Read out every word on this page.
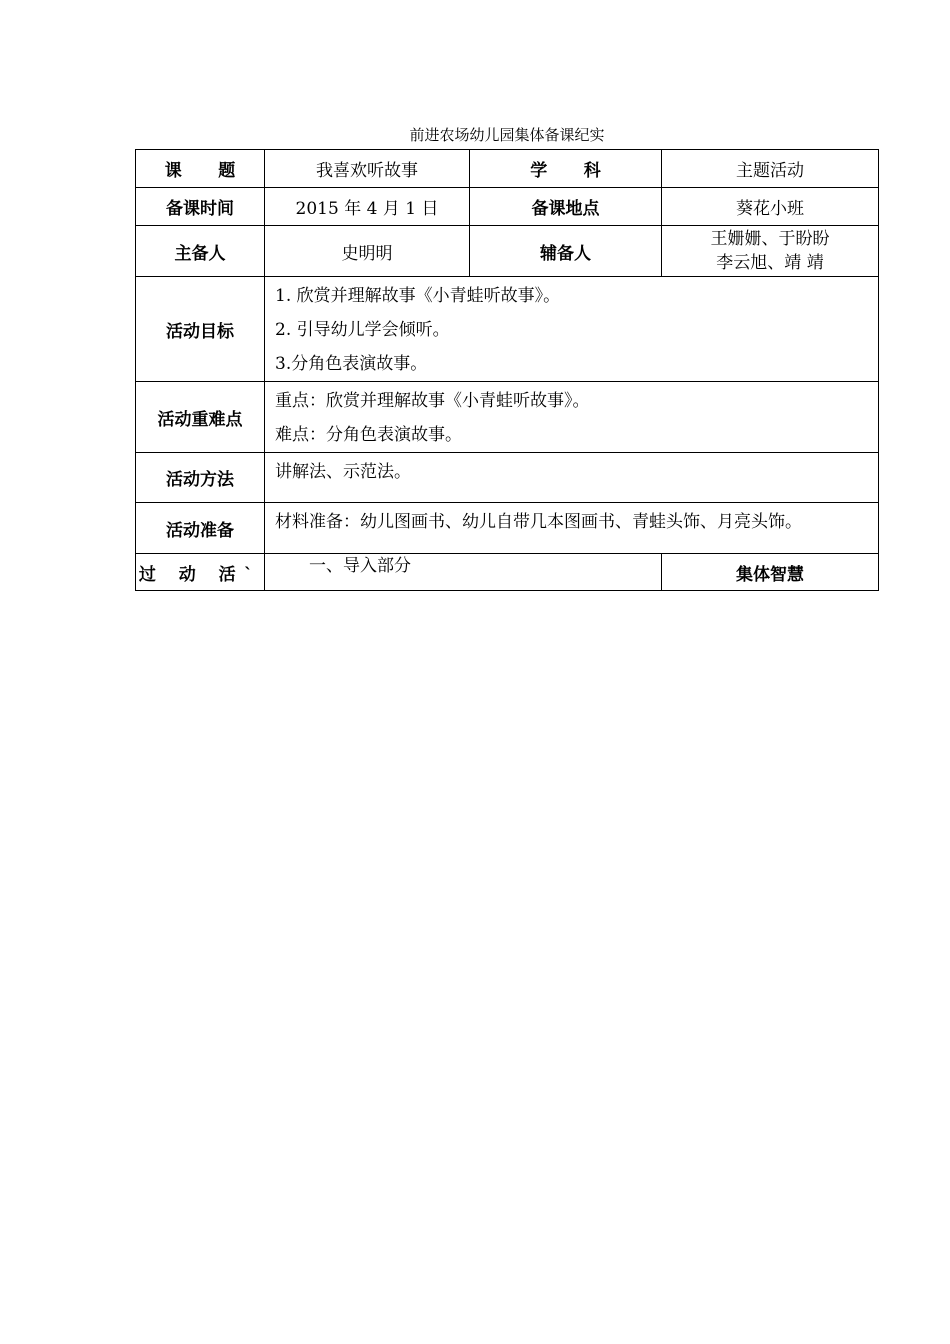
前进农场幼儿园集体备课纪实
课 题	我喜欢听故事	学 科	主题活动
备课时间	2015 年 4 月 1 日	备课地点	葵花小班
主备人	史明明	辅备人	王姗姗、于盼盼
李云旭、靖 靖

活动目标	1. 欣赏并理解故事《小青蛙听故事》。
2. 引导幼儿学会倾听。
3.分角色表演故事。		

活动重难点	重点：欣赏并理解故事《小青蛙听故事》。
难点：分角色表演故事。		

活动方法	讲解法、示范法。		

活动准备	材料准备：幼儿图画书、幼儿自带几本图画书、青蛙头饰、月亮头饰。		

过 动 活`	一、导入部分		集体智慧
